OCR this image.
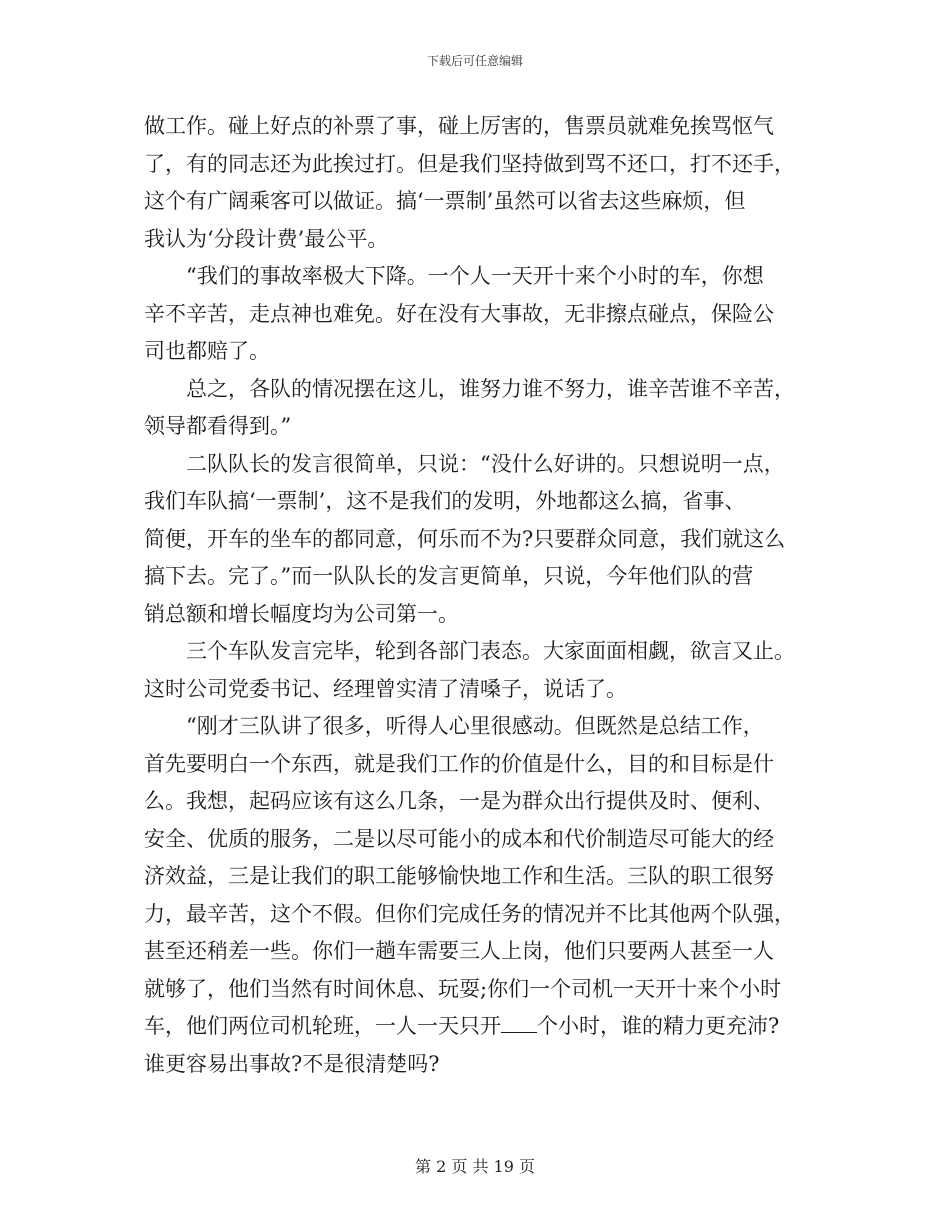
下载后可任意编辑

做工作。碰上好点的补票了事，碰上厉害的，售票员就难免挨骂怄气
了，有的同志还为此挨过打。但是我们坚持做到骂不还口，打不还手，
这个有广阔乘客可以做证。搞‘一票制’虽然可以省去这些麻烦，但
我认为‘分段计费’最公平。

“我们的事故率极大下降。一个人一天开十来个小时的车，你想
辛不辛苦，走点神也难免。好在没有大事故，无非擦点碰点，保险公
司也都赔了。

总之，各队的情况摆在这儿，谁努力谁不努力，谁辛苦谁不辛苦，
领导都看得到。”

二队队长的发言很简单，只说：“没什么好讲的。只想说明一点，
我们车队搞‘一票制’，这不是我们的发明，外地都这么搞，省事、
简便，开车的坐车的都同意，何乐而不为?只要群众同意，我们就这么
搞下去。完了。”而一队队长的发言更简单，只说，今年他们队的营
销总额和增长幅度均为公司第一。

三个车队发言完毕，轮到各部门表态。大家面面相觑，欲言又止。
这时公司党委书记、经理曾实清了清嗓子，说话了。

“刚才三队讲了很多，听得人心里很感动。但既然是总结工作，
首先要明白一个东西，就是我们工作的价值是什么，目的和目标是什
么。我想，起码应该有这么几条，一是为群众出行提供及时、便利、
安全、优质的服务，二是以尽可能小的成本和代价制造尽可能大的经
济效益，三是让我们的职工能够愉快地工作和生活。三队的职工很努
力，最辛苦，这个不假。但你们完成任务的情况并不比其他两个队强，
甚至还稍差一些。你们一趟车需要三人上岗，他们只要两人甚至一人
就够了，他们当然有时间休息、玩耍;你们一个司机一天开十来个小时
车，他们两位司机轮班，一人一天只开 个小时，谁的精力更充沛?
谁更容易出事故?不是很清楚吗?

第 2 页 共 19 页
